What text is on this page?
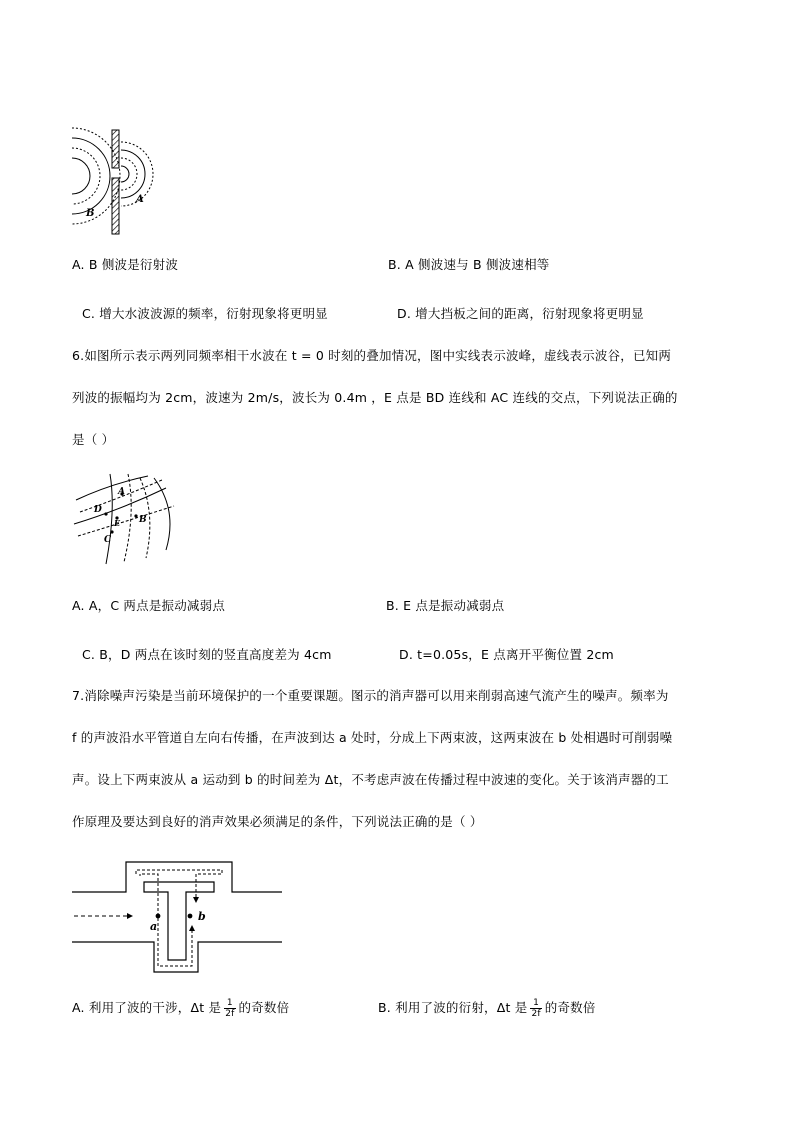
B
A
A. B 侧波是衍射波	B. A 侧波速与 B 侧波速相等
C. 增大水波波源的频率，衍射现象将更明显	D. 增大挡板之间的距离，衍射现象将更明显
6.如图所示表示两列同频率相干水波在 t = 0 时刻的叠加情况，图中实线表示波峰，虚线表示波谷，已知两
列波的振幅均为 2cm，波速为 2m/s，波长为 0.4m ，E 点是 BD 连线和 AC 连线的交点，下列说法正确的
是（ ）
A
B
C
D
E
A. A，C 两点是振动减弱点	B. E 点是振动减弱点
C. B，D 两点在该时刻的竖直高度差为 4cm	D. t=0.05s，E 点离开平衡位置 2cm
7.消除噪声污染是当前环境保护的一个重要课题。图示的消声器可以用来削弱高速气流产生的噪声。频率为
f 的声波沿水平管道自左向右传播，在声波到达 a 处时，分成上下两束波，这两束波在 b 处相遇时可削弱噪
声。设上下两束波从 a 运动到 b 的时间差为 Δt，不考虑声波在传播过程中波速的变化。关于该消声器的工
作原理及要达到良好的消声效果必须满足的条件，下列说法正确的是（ ）
a
b
A. 利用了波的干涉，Δt 是 $\frac{1}{2f}$ 的奇数倍	B. 利用了波的衍射，Δt 是 $\frac{1}{2f}$ 的奇数倍
